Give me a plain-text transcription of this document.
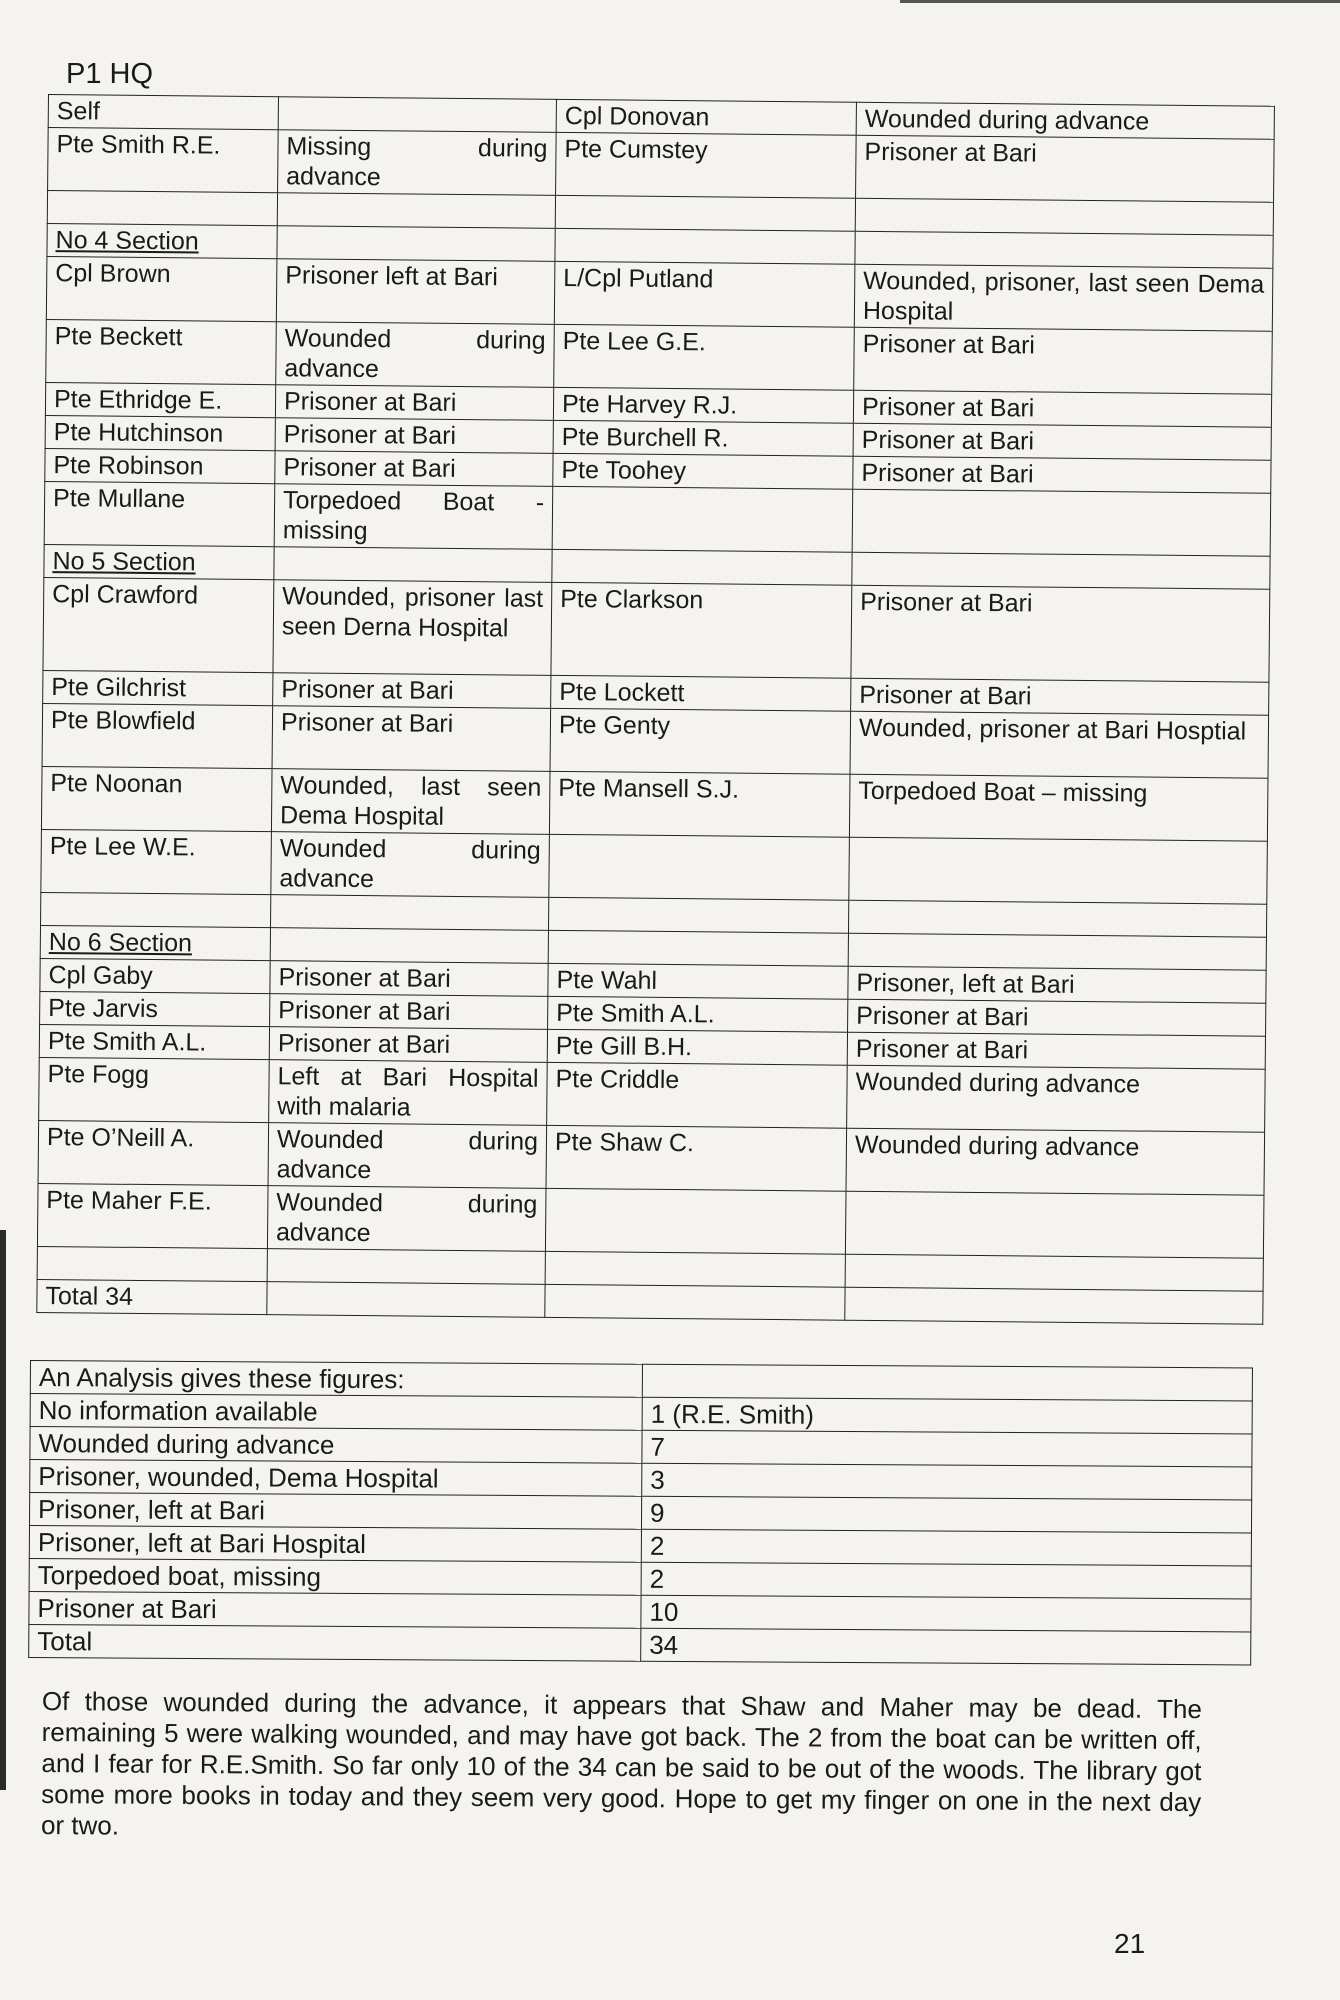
P1 HQ
Self		Cpl Donovan	Wounded during advance
Pte Smith R.E.	Missing during advance	Pte Cumstey	Prisoner at Bari

No 4 Section			
Cpl Brown	Prisoner left at Bari	L/Cpl Putland	Wounded, prisoner, last seen Dema Hospital
Pte Beckett	Wounded during advance	Pte Lee G.E.	Prisoner at Bari
Pte Ethridge E.	Prisoner at Bari	Pte Harvey R.J.	Prisoner at Bari
Pte Hutchinson	Prisoner at Bari	Pte Burchell R.	Prisoner at Bari
Pte Robinson	Prisoner at Bari	Pte Toohey	Prisoner at Bari
Pte Mullane	Torpedoed Boat - missing		
No 5 Section			
Cpl Crawford	Wounded, prisoner last seen Derna Hospital	Pte Clarkson	Prisoner at Bari
Pte Gilchrist	Prisoner at Bari	Pte Lockett	Prisoner at Bari
Pte Blowfield	Prisoner at Bari	Pte Genty	Wounded, prisoner at Bari Hosptial
Pte Noonan	Wounded, last seen Dema Hospital	Pte Mansell S.J.	Torpedoed Boat – missing
Pte Lee W.E.	Wounded during advance		

No 6 Section			
Cpl Gaby	Prisoner at Bari	Pte Wahl	Prisoner, left at Bari
Pte Jarvis	Prisoner at Bari	Pte Smith A.L.	Prisoner at Bari
Pte Smith A.L.	Prisoner at Bari	Pte Gill B.H.	Prisoner at Bari
Pte Fogg	Left at Bari Hospital with malaria	Pte Criddle	Wounded during advance
Pte O’Neill A.	Wounded during advance	Pte Shaw C.	Wounded during advance
Pte Maher F.E.	Wounded during advance		

Total 34			
An Analysis gives these figures:	
No information available	1 (R.E. Smith)
Wounded during advance	7
Prisoner, wounded, Dema Hospital	3
Prisoner, left at Bari	9
Prisoner, left at Bari Hospital	2
Torpedoed boat, missing	2
Prisoner at Bari	10
Total	34

Of those wounded during the advance, it appears that Shaw and Maher may be dead. The remaining 5 were walking wounded, and may have got back. The 2 from the boat can be written off, and I fear for R.E.Smith. So far only 10 of the 34 can be said to be out of the woods. The library got some more books in today and they seem very good. Hope to get my finger on one in the next day or two.

21
